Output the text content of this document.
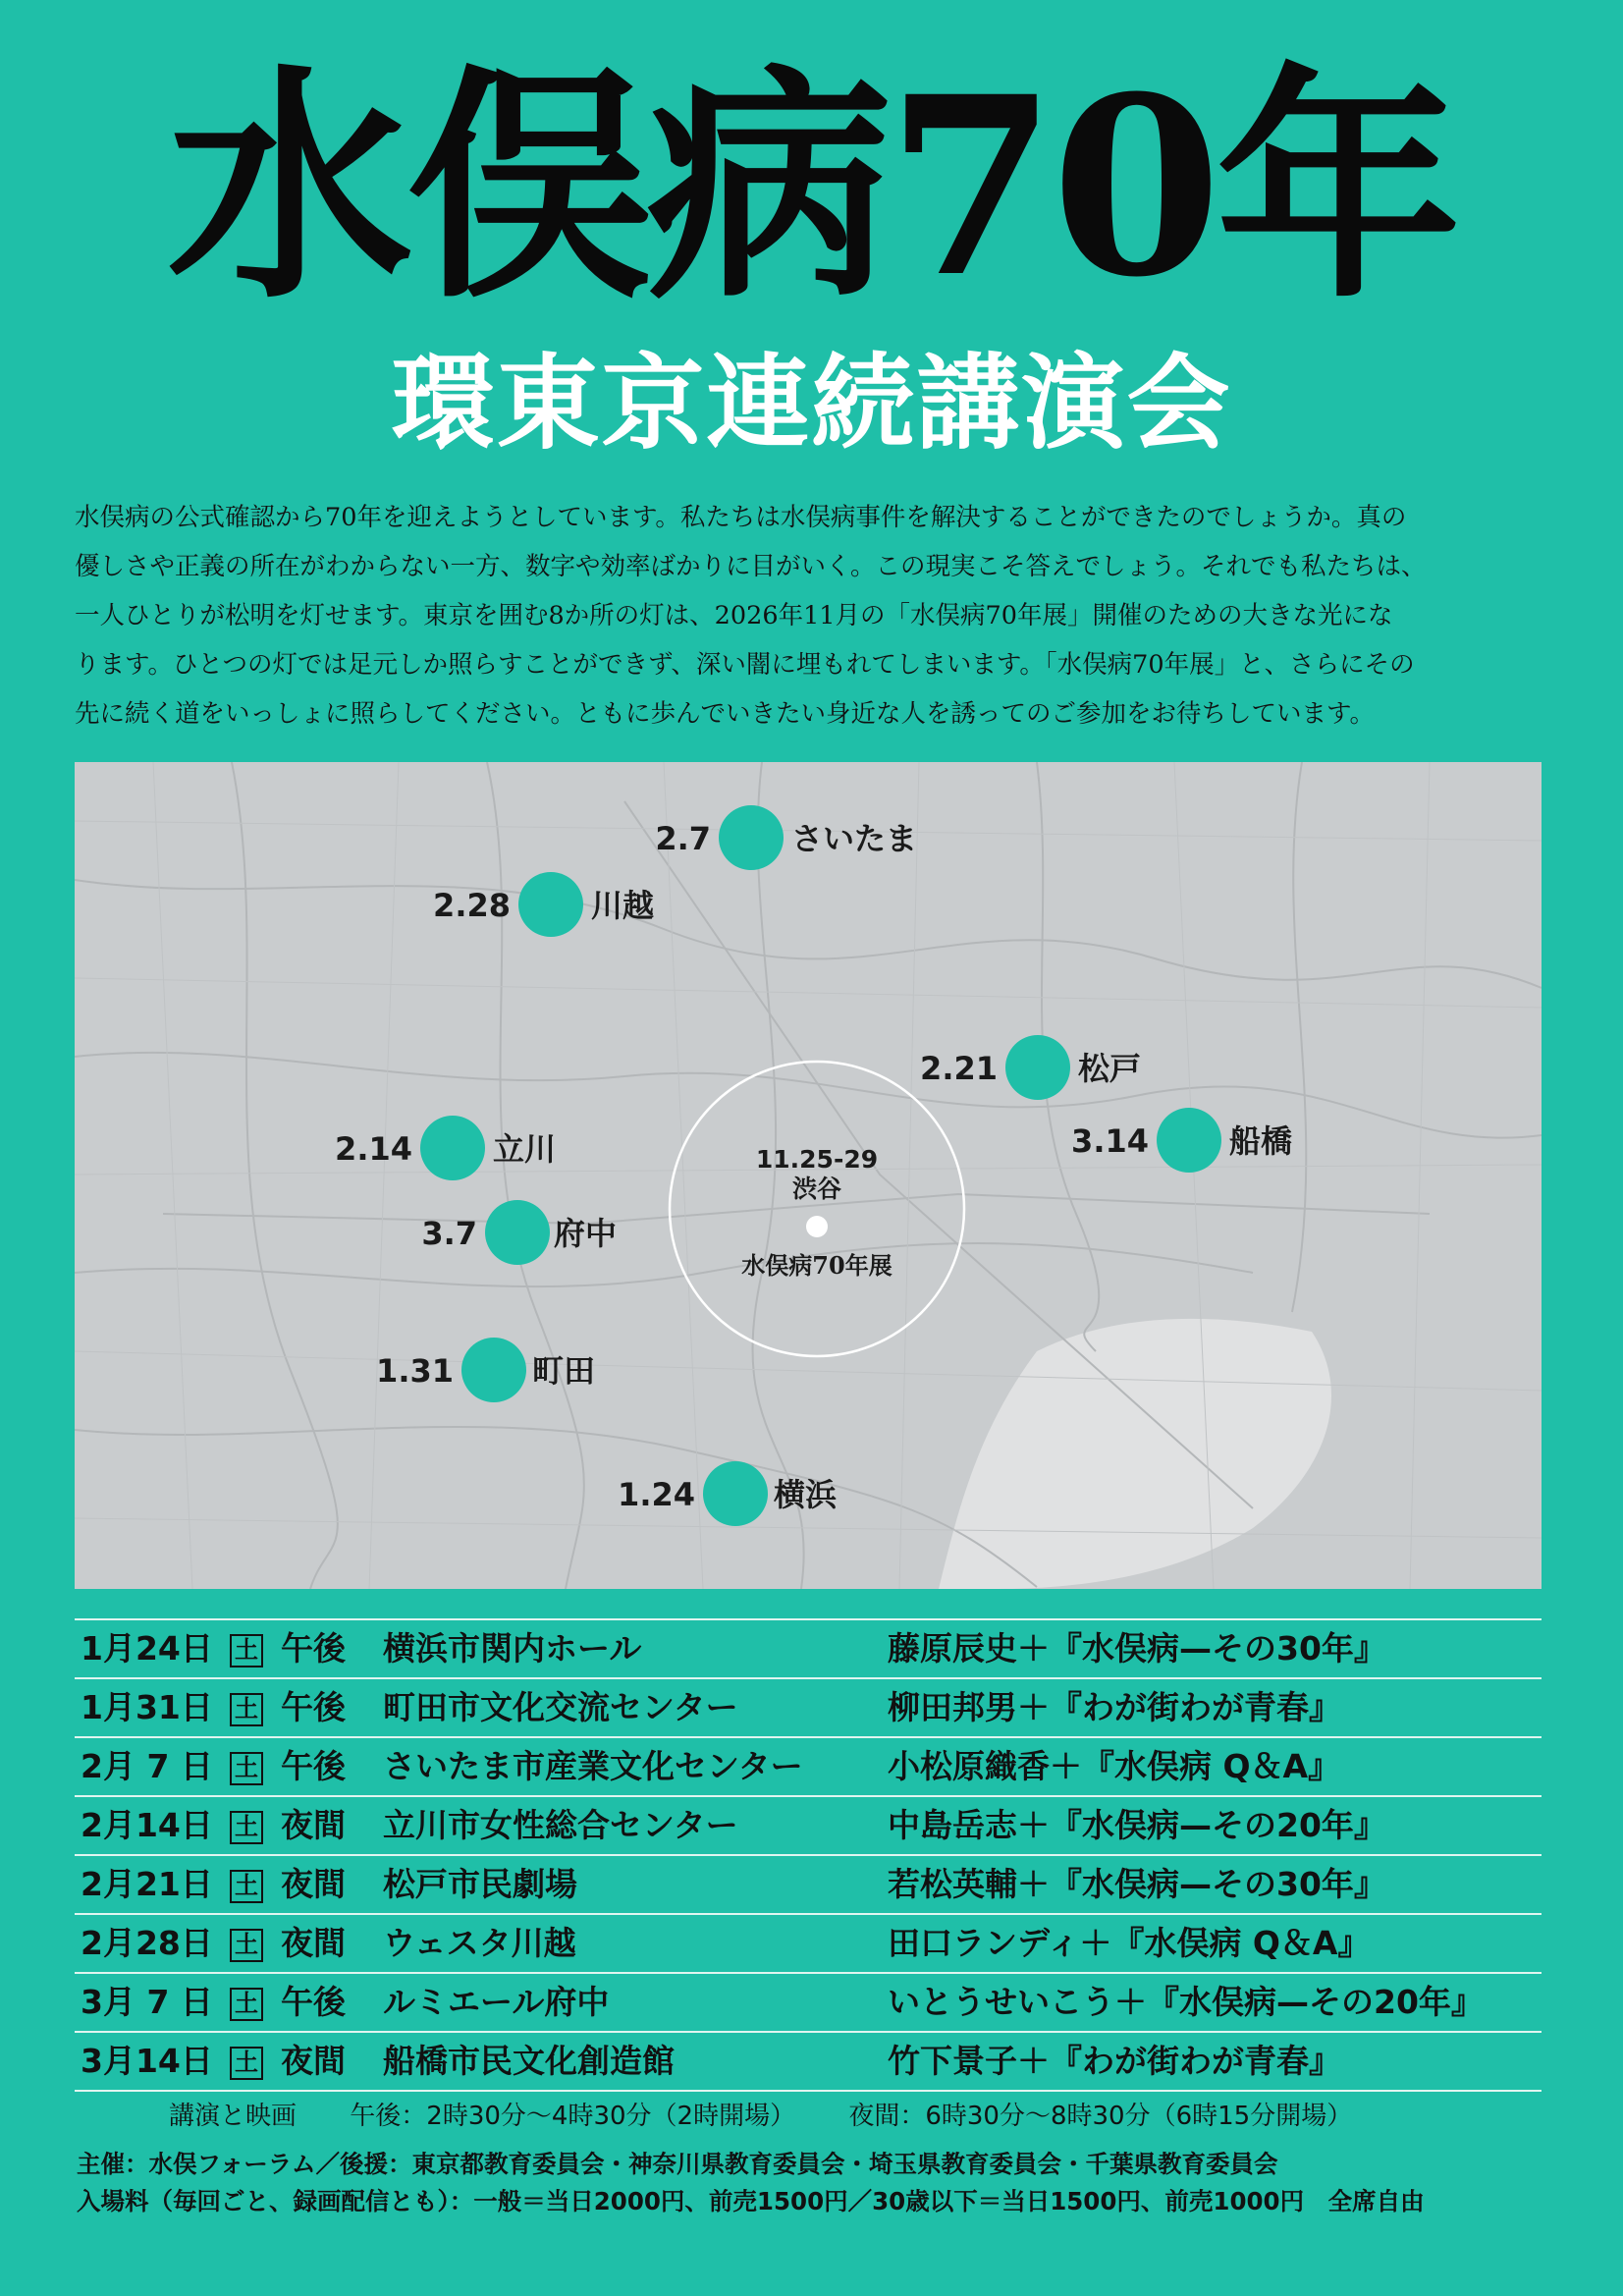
水俣病70年
環東京連続講演会

水俣病の公式確認から70年を迎えようとしています。私たちは水俣病事件を解決することができたのでしょうか。真の

優しさや正義の所在がわからない一方、数字や効率ばかりに目がいく。この現実こそ答えでしょう。それでも私たちは、

一人ひとりが松明を灯せます。東京を囲む8か所の灯は、2026年11月の「水俣病70年展」開催のための大きな光にな

ります。ひとつの灯では足元しか照らすことができず、深い闇に埋もれてしまいます。「水俣病70年展」と、さらにその

先に続く道をいっしょに照らしてください。ともに歩んでいきたい身近な人を誘ってのご参加をお待ちしています。

11.25-29
渋谷
水俣病70年展
2.7	さいたま
2.28	川越
2.21	松戸
3.14	船橋
2.14	立川
3.7 府中
1.31	町田
1.24	横浜
1月24日 土 午後 横浜市関内ホール	藤原辰史＋『水俣病—その30年』
1月31日 土 午後 町田市文化交流センター	柳田邦男＋『わが街わが青春』
2月 7 日 土 午後 さいたま市産業文化センター	小松原織香＋『水俣病 Q＆A』
2月14日 土 夜間 立川市女性総合センター	中島岳志＋『水俣病—その20年』
2月21日 土 夜間 松戸市民劇場	若松英輔＋『水俣病—その30年』
2月28日 土 夜間 ウェスタ川越	田口ランディ＋『水俣病 Q＆A』
3月 7 日 土 午後 ルミエール府中	いとうせいこう＋『水俣病—その20年』
3月14日 土 夜間 船橋市民文化創造館	竹下景子＋『わが街わが青春』
講演と映画 午後：2時30分〜4時30分（2時開場） 夜間：6時30分〜8時30分（6時15分開場）
主催：水俣フォーラム／後援：東京都教育委員会・神奈川県教育委員会・埼玉県教育委員会・千葉県教育委員会
入場料（毎回ごと、録画配信とも）：一般＝当日2000円、前売1500円／30歳以下＝当日1500円、前売1000円　全席自由
